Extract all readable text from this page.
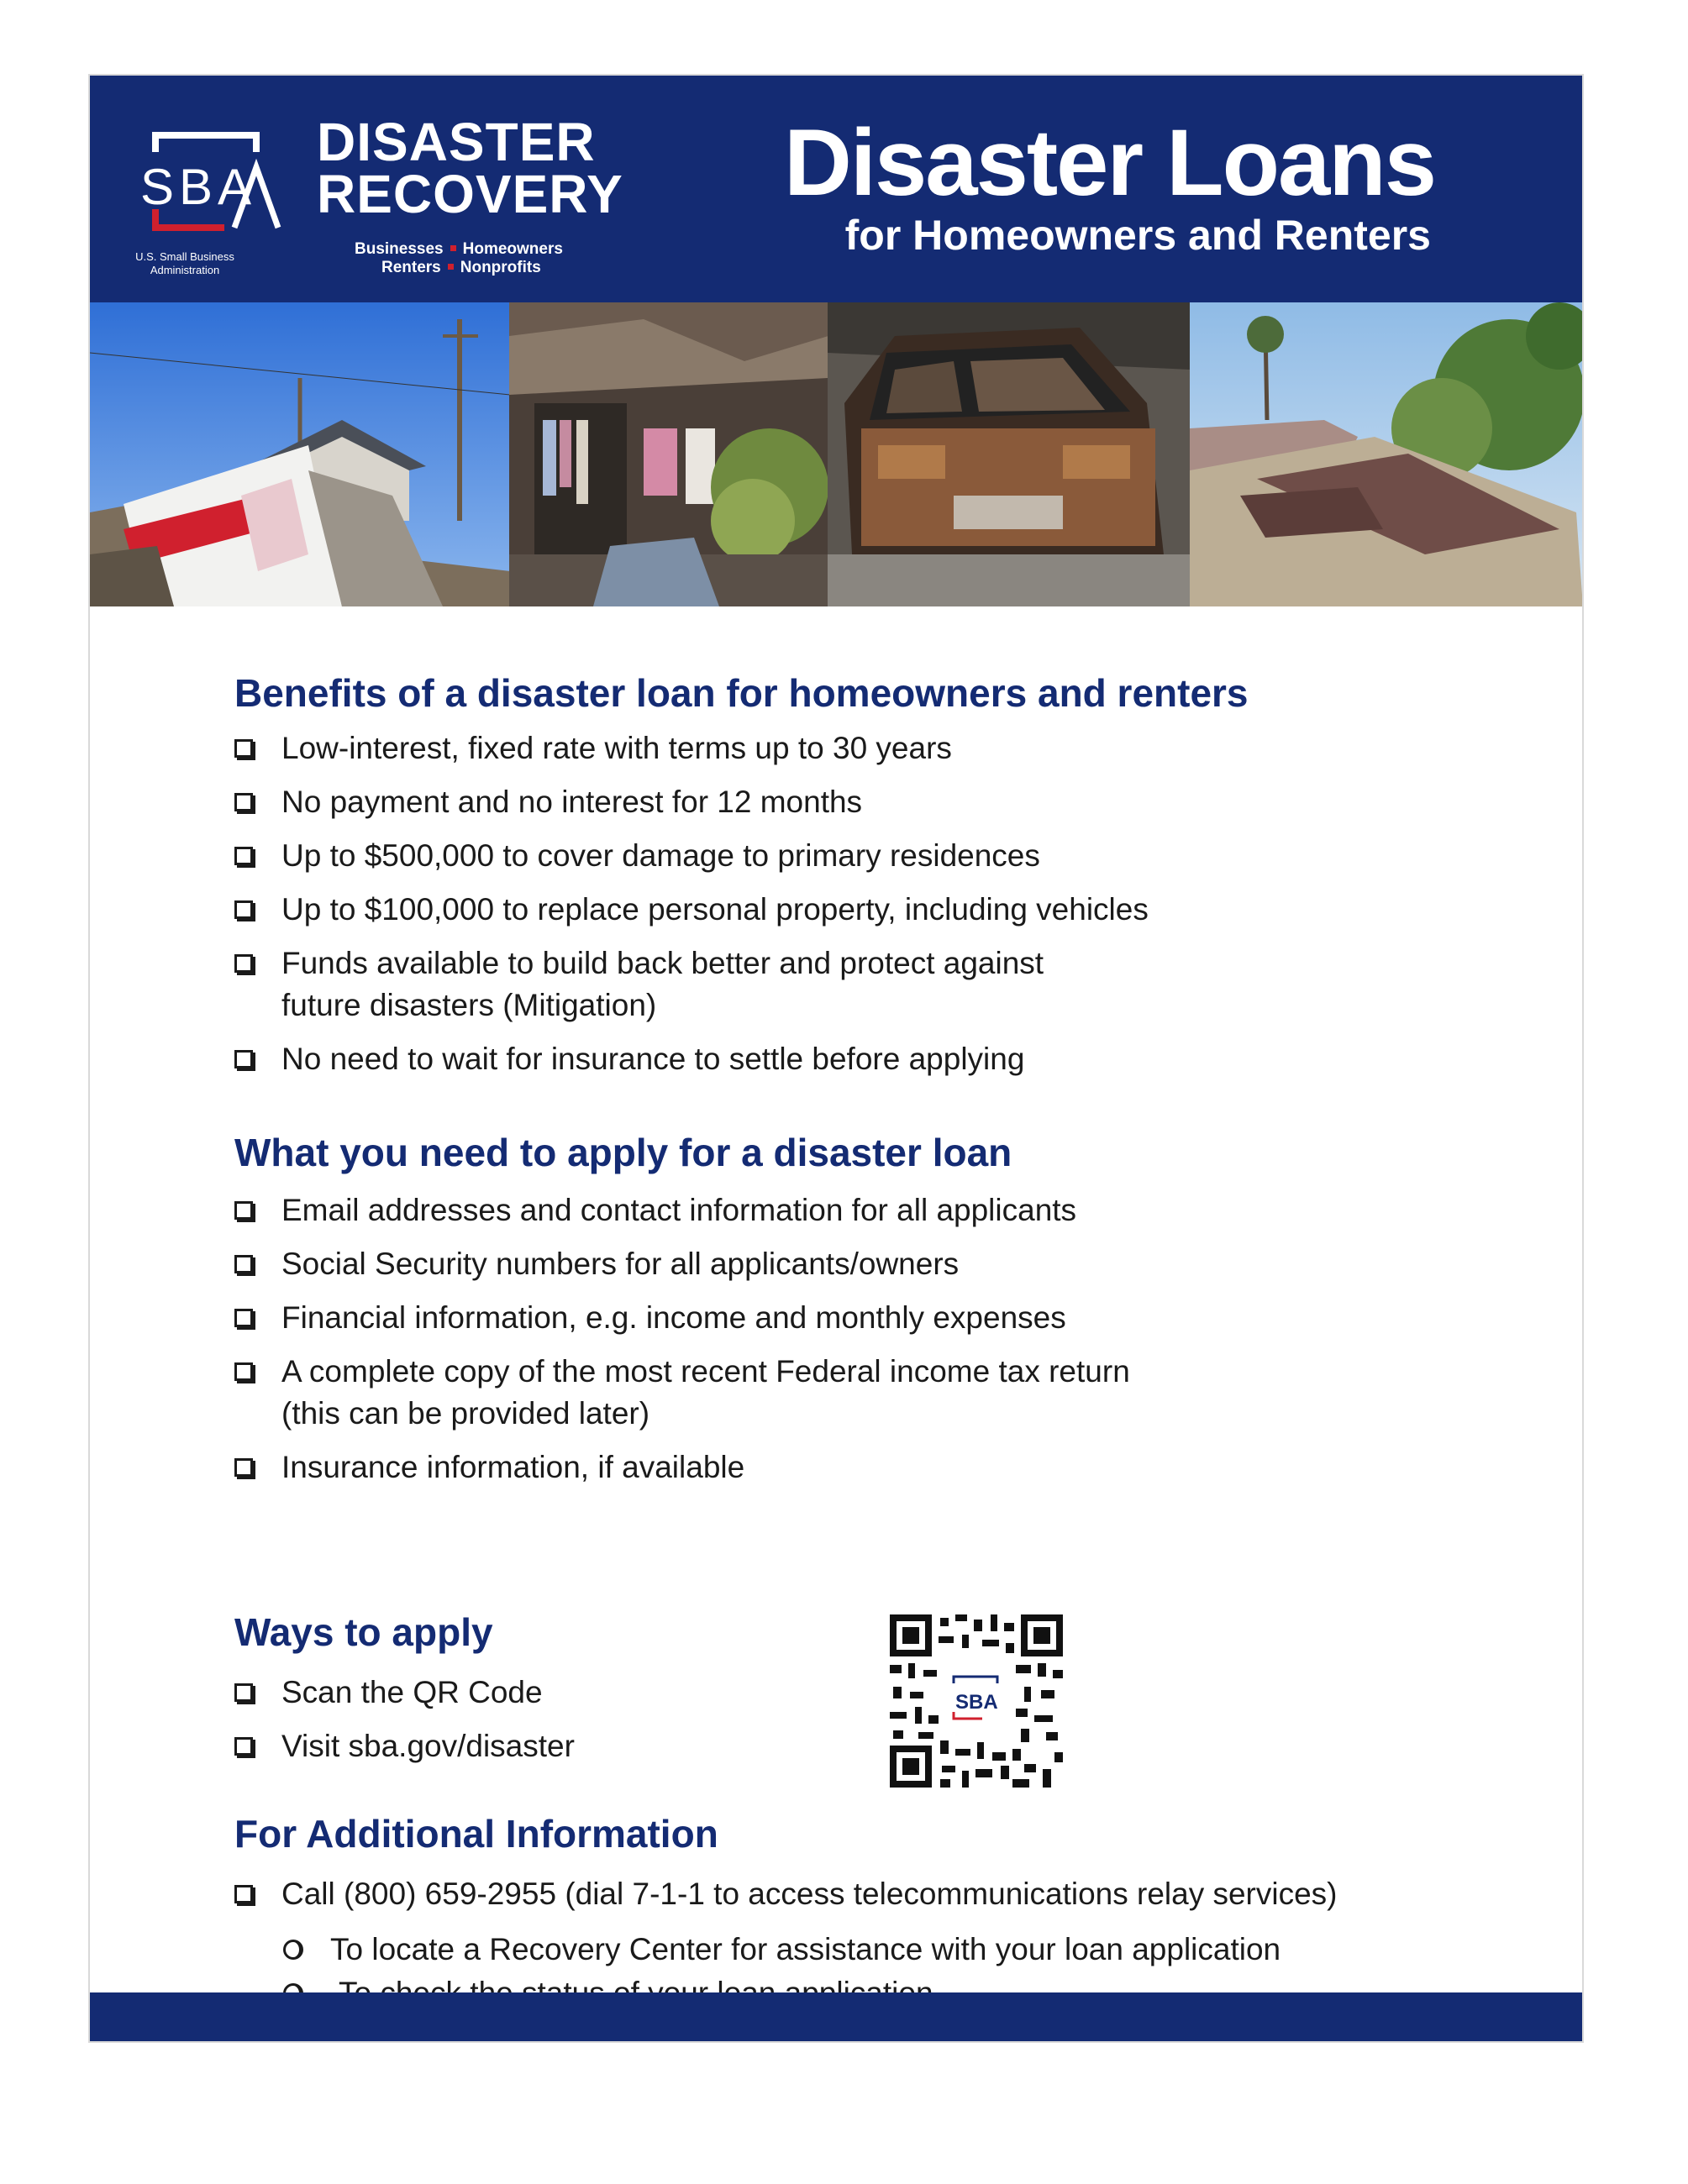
SBA
U.S. Small Business Administration
DISASTER
RECOVERY
Businesses Homeowners
Renters Nonprofits
Disaster Loans
for Homeowners and Renters
Benefits of a disaster loan for homeowners and renters
Low-interest, fixed rate with terms up to 30 years
No payment and no interest for 12 months
Up to $500,000 to cover damage to primary residences
Up to $100,000 to replace personal property, including vehicles
Funds available to build back better and protect against
future disasters (Mitigation)
No need to wait for insurance to settle before applying
What you need to apply for a disaster loan
Email addresses and contact information for all applicants
Social Security numbers for all applicants/owners
Financial information, e.g. income and monthly expenses
A complete copy of the most recent Federal income tax return
(this can be provided later)
Insurance information, if available
Ways to apply
Scan the QR Code
Visit sba.gov/disaster
SBA
For Additional Information
Call (800) 659-2955 (dial 7-1-1 to access telecommunications relay services)
To locate a Recovery Center for assistance with your loan application
